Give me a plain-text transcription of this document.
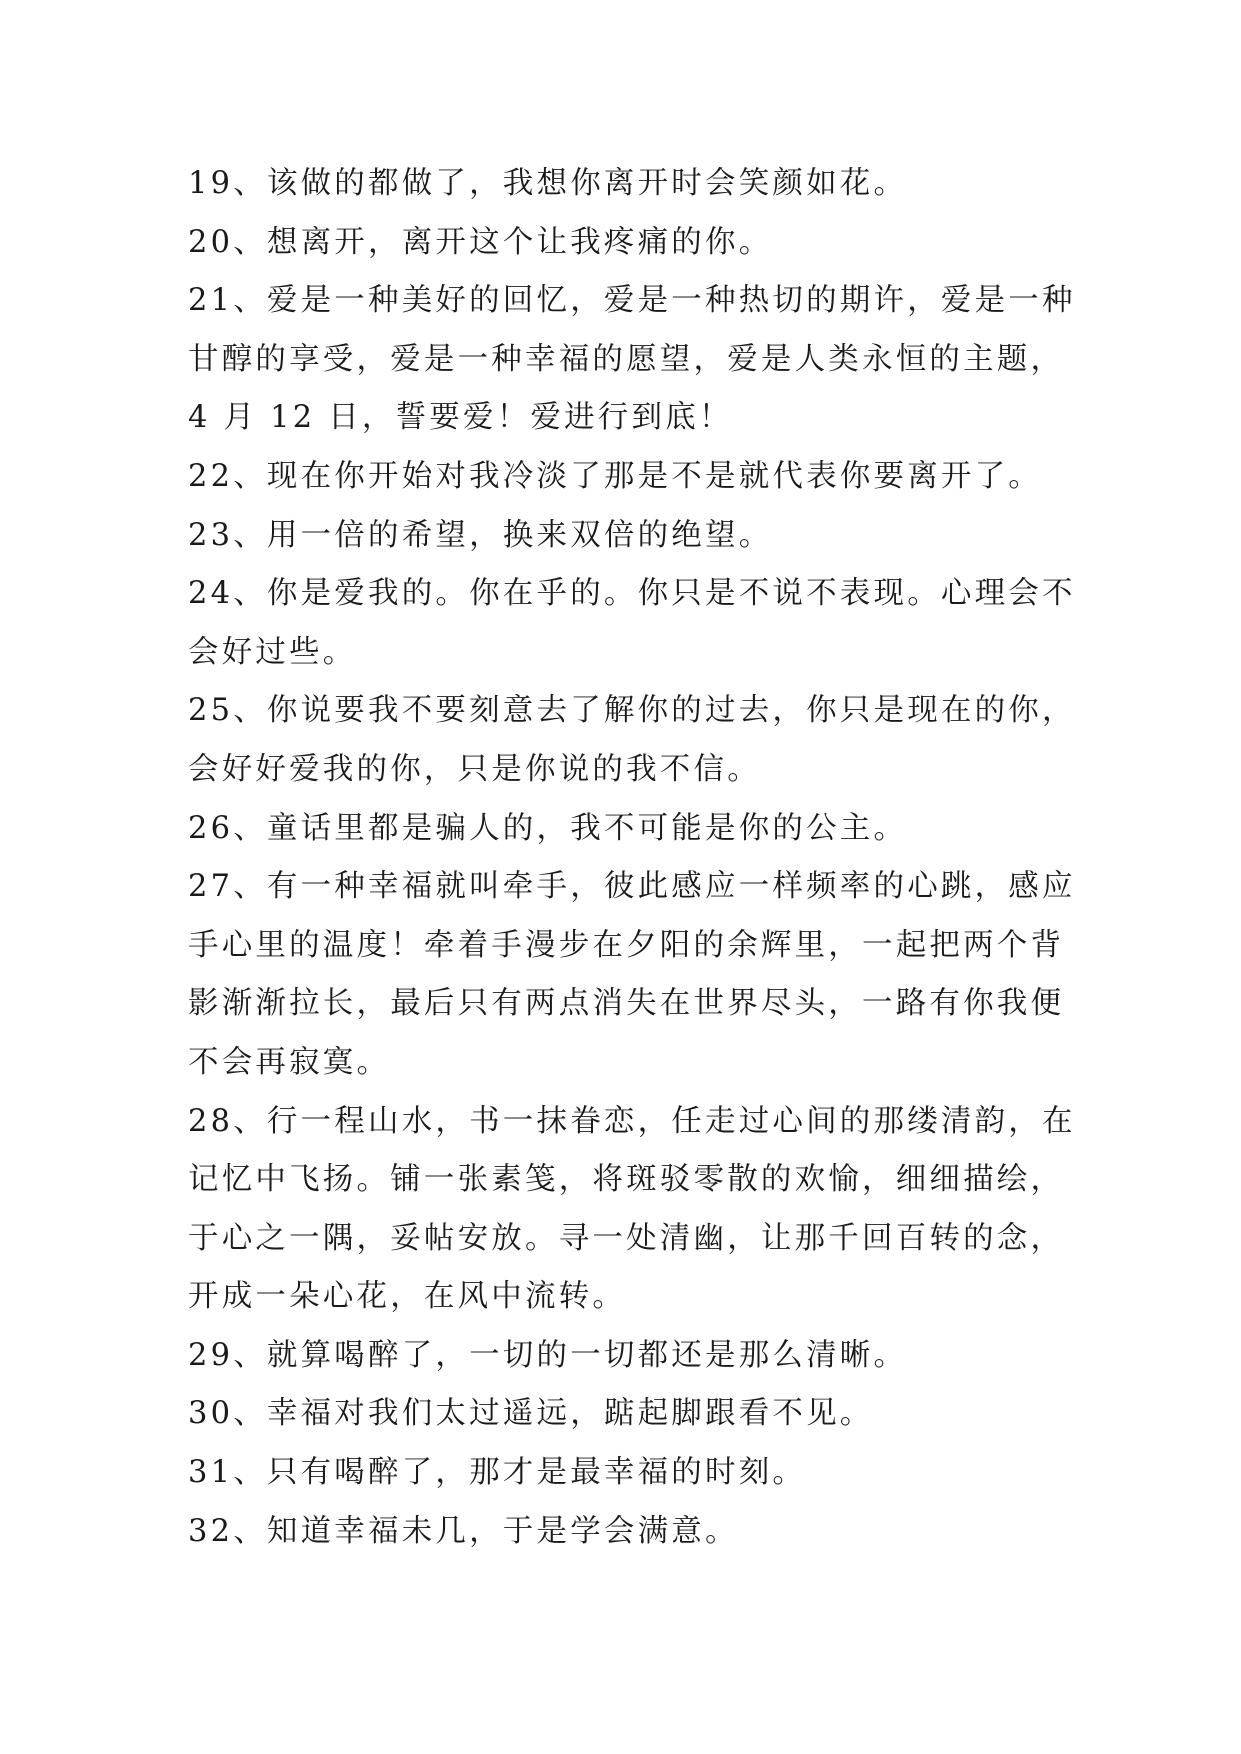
19、该做的都做了，我想你离开时会笑颜如花。
20、想离开，离开这个让我疼痛的你。
21、爱是一种美好的回忆，爱是一种热切的期许，爱是一种
甘醇的享受，爱是一种幸福的愿望，爱是人类永恒的主题，
4 月 12 日，誓要爱！爱进行到底！
22、现在你开始对我冷淡了那是不是就代表你要离开了。
23、用一倍的希望，换来双倍的绝望。
24、你是爱我的。你在乎的。你只是不说不表现。心理会不
会好过些。
25、你说要我不要刻意去了解你的过去，你只是现在的你，
会好好爱我的你，只是你说的我不信。
26、童话里都是骗人的，我不可能是你的公主。
27、有一种幸福就叫牵手，彼此感应一样频率的心跳，感应
手心里的温度！牵着手漫步在夕阳的余辉里，一起把两个背
影渐渐拉长，最后只有两点消失在世界尽头，一路有你我便
不会再寂寞。
28、行一程山水，书一抹眷恋，任走过心间的那缕清韵，在
记忆中飞扬。铺一张素笺，将斑驳零散的欢愉，细细描绘，
于心之一隅，妥帖安放。寻一处清幽，让那千回百转的念，
开成一朵心花，在风中流转。
29、就算喝醉了，一切的一切都还是那么清晰。
30、幸福对我们太过遥远，踮起脚跟看不见。
31、只有喝醉了，那才是最幸福的时刻。
32、知道幸福未几，于是学会满意。
